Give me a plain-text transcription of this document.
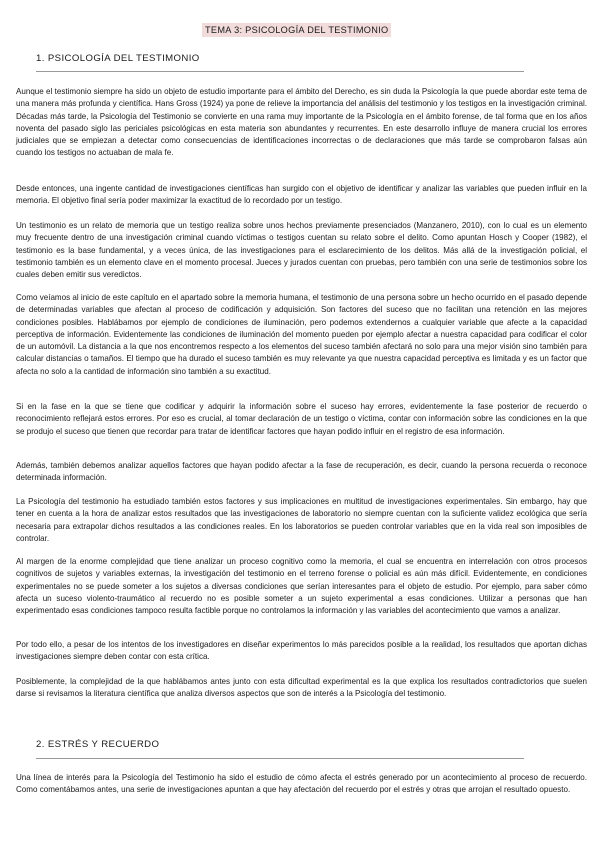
TEMA 3: PSICOLOGÍA DEL TESTIMONIO
1. PSICOLOGÍA DEL TESTIMONIO

Aunque el testimonio siempre ha sido un objeto de estudio importante para el ámbito del Derecho, es sin duda la Psicología la que puede abordar este tema de una manera más profunda y científica. Hans Gross (1924) ya pone de relieve la importancia del análisis del testimonio y los testigos en la investigación criminal. Décadas más tarde, la Psicología del Testimonio se convierte en una rama muy importante de la Psicología en el ámbito forense, de tal forma que en los años noventa del pasado siglo las periciales psicológicas en esta materia son abundantes y recurrentes. En este desarrollo influye de manera crucial los errores judiciales que se empiezan a detectar como consecuencias de identificaciones incorrectas o de declaraciones que más tarde se comprobaron falsas aún cuando los testigos no actuaban de mala fe.

Desde entonces, una ingente cantidad de investigaciones científicas han surgido con el objetivo de identificar y analizar las variables que pueden influir en la memoria. El objetivo final sería poder maximizar la exactitud de lo recordado por un testigo.

Un testimonio es un relato de memoria que un testigo realiza sobre unos hechos previamente presenciados (Manzanero, 2010), con lo cual es un elemento muy frecuente dentro de una investigación criminal cuando víctimas o testigos cuentan su relato sobre el delito. Como apuntan Hosch y Cooper (1982), el testimonio es la base fundamental, y a veces única, de las investigaciones para el esclarecimiento de los delitos. Más allá de la investigación policial, el testimonio también es un elemento clave en el momento procesal. Jueces y jurados cuentan con pruebas, pero también con una serie de testimonios sobre los cuales deben emitir sus veredictos.

Como veíamos al inicio de este capítulo en el apartado sobre la memoria humana, el testimonio de una persona sobre un hecho ocurrido en el pasado depende de determinadas variables que afectan al proceso de codificación y adquisición. Son factores del suceso que no facilitan una retención en las mejores condiciones posibles. Hablábamos por ejemplo de condiciones de iluminación, pero podemos extendernos a cualquier variable que afecte a la capacidad perceptiva de información. Evidentemente las condiciones de iluminación del momento pueden por ejemplo afectar a nuestra capacidad para codificar el color de un automóvil. La distancia a la que nos encontremos respecto a los elementos del suceso también afectará no solo para una mejor visión sino también para calcular distancias o tamaños. El tiempo que ha durado el suceso también es muy relevante ya que nuestra capacidad perceptiva es limitada y es un factor que afecta no solo a la cantidad de información sino también a su exactitud.

Si en la fase en la que se tiene que codificar y adquirir la información sobre el suceso hay errores, evidentemente la fase posterior de recuerdo o reconocimiento reflejará estos errores. Por eso es crucial, al tomar declaración de un testigo o víctima, contar con información sobre las condiciones en la que se produjo el suceso que tienen que recordar para tratar de identificar factores que hayan podido influir en el registro de esa información.

Además, también debemos analizar aquellos factores que hayan podido afectar a la fase de recuperación, es decir, cuando la persona recuerda o reconoce determinada información.

La Psicología del testimonio ha estudiado también estos factores y sus implicaciones en multitud de investigaciones experimentales. Sin embargo, hay que tener en cuenta a la hora de analizar estos resultados que las investigaciones de laboratorio no siempre cuentan con la suficiente validez ecológica que sería necesaria para extrapolar dichos resultados a las condiciones reales. En los laboratorios se pueden controlar variables que en la vida real son imposibles de controlar.

Al margen de la enorme complejidad que tiene analizar un proceso cognitivo como la memoria, el cual se encuentra en interrelación con otros procesos cognitivos de sujetos y variables externas, la investigación del testimonio en el terreno forense o policial es aún más difícil. Evidentemente, en condiciones experimentales no se puede someter a los sujetos a diversas condiciones que serían interesantes para el objeto de estudio. Por ejemplo, para saber cómo afecta un suceso violento-traumático al recuerdo no es posible someter a un sujeto experimental a esas condiciones. Utilizar a personas que han experimentado esas condiciones tampoco resulta factible porque no controlamos la información y las variables del acontecimiento que vamos a analizar.

Por todo ello, a pesar de los intentos de los investigadores en diseñar experimentos lo más parecidos posible a la realidad, los resultados que aportan dichas investigaciones siempre deben contar con esta crítica.

Posiblemente, la complejidad de la que hablábamos antes junto con esta dificultad experimental es la que explica los resultados contradictorios que suelen darse si revisamos la literatura científica que analiza diversos aspectos que son de interés a la Psicología del testimonio.

2. ESTRÉS Y RECUERDO

Una línea de interés para la Psicología del Testimonio ha sido el estudio de cómo afecta el estrés generado por un acontecimiento al proceso de recuerdo. Como comentábamos antes, una serie de investigaciones apuntan a que hay afectación del recuerdo por el estrés y otras que arrojan el resultado opuesto.
